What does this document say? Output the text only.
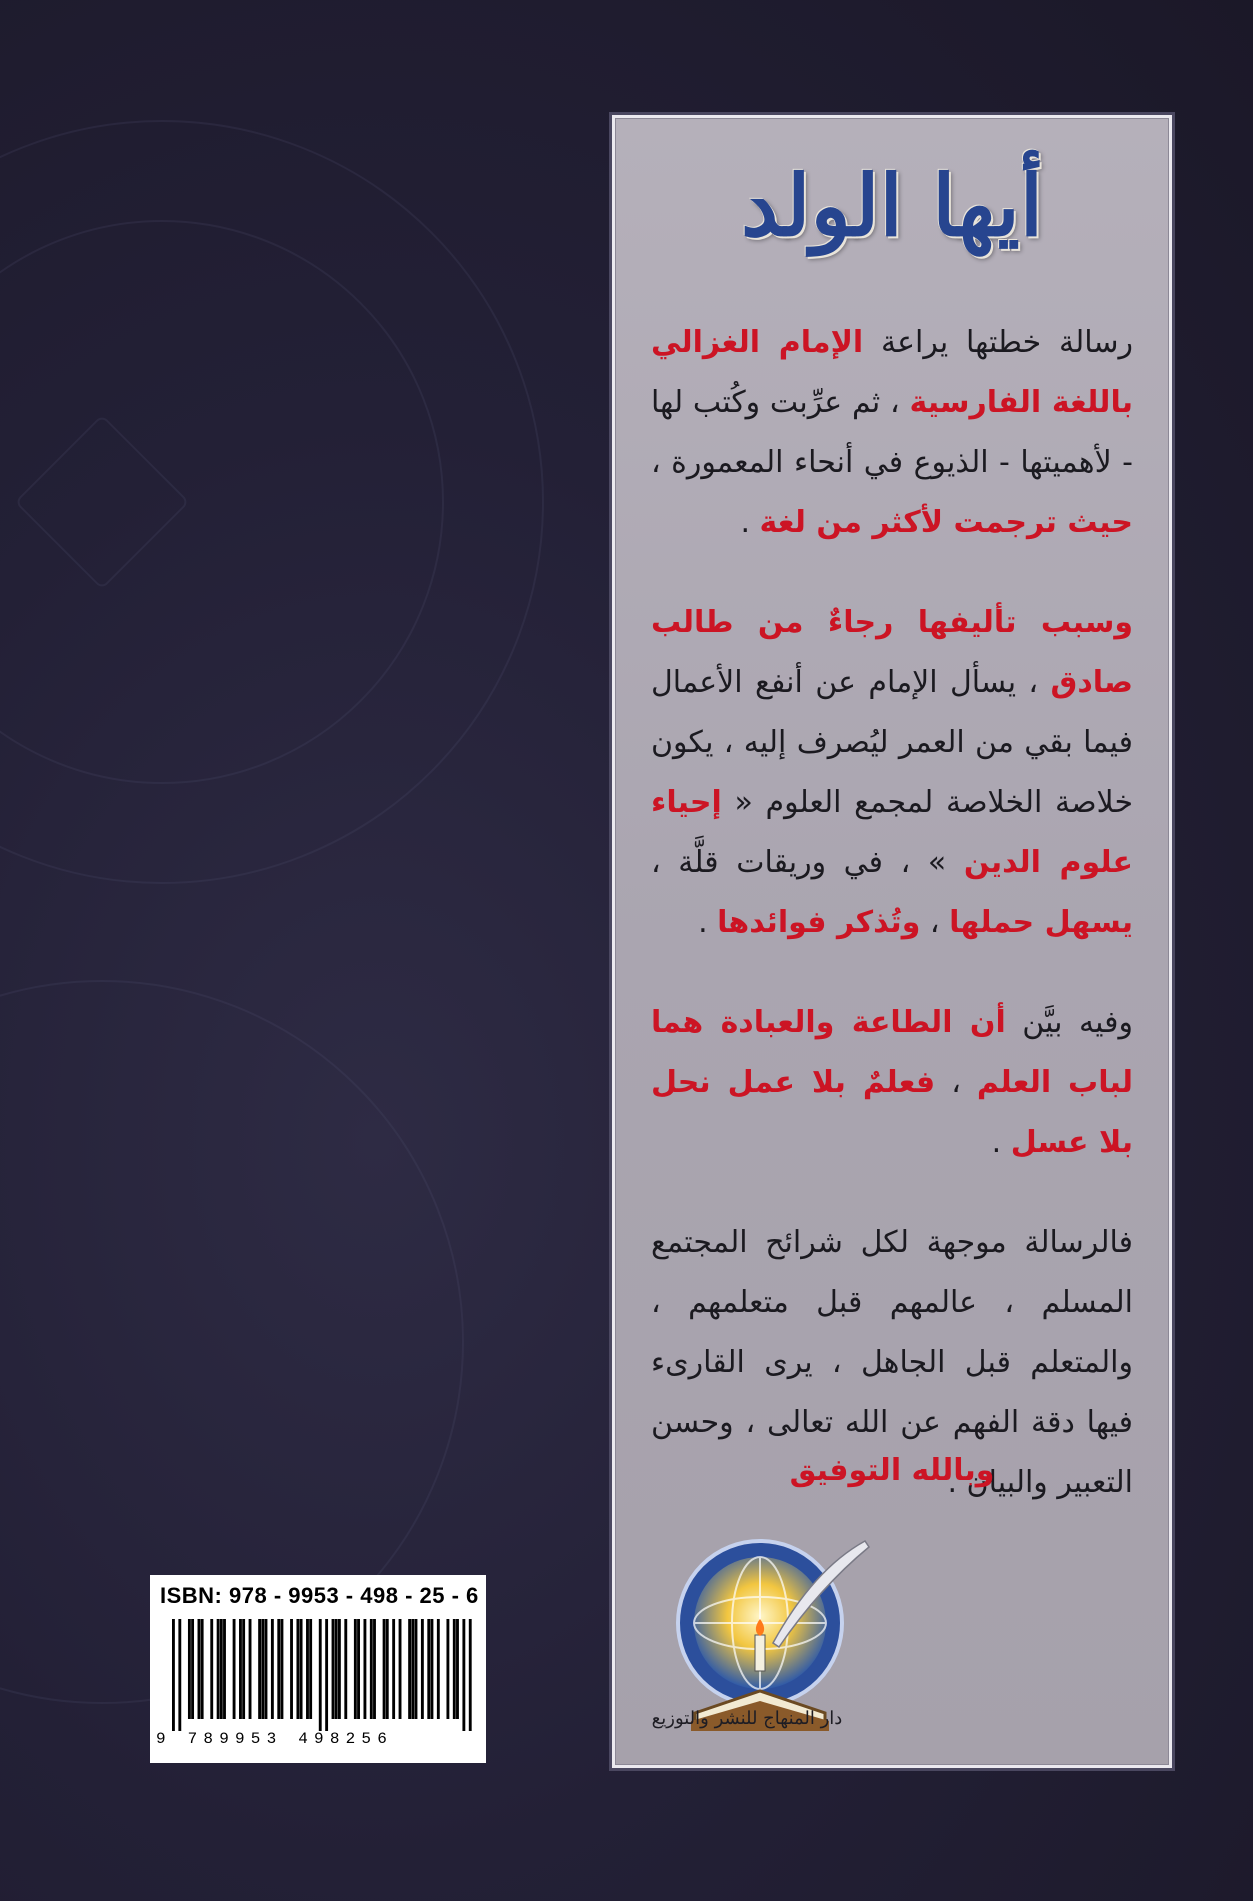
أيها الولد
رسالة خطتها يراعة الإمام الغزالي باللغة الفارسية ، ثم عرِّبت وكُتب لها - لأهميتها - الذيوع في أنحاء المعمورة ، حيث ترجمت لأكثر من لغة .
وسبب تأليفها رجاءٌ من طالب صادق ، يسأل الإمام عن أنفع الأعمال فيما بقي من العمر ليُصرف إليه ، يكون خلاصة الخلاصة لمجمع العلوم « إحياء علوم الدين » ، في وريقات قلَّة ، يسهل حملها ، وتُذكر فوائدها .
وفيه بيَّن أن الطاعة والعبادة هما لباب العلم ، فعلمٌ بلا عمل نحل بلا عسل .
فالرسالة موجهة لكل شرائح المجتمع المسلم ، عالمهم قبل متعلمهم ، والمتعلم قبل الجاهل ، يرى القارىء فيها دقة الفهم عن الله تعالى ، وحسن التعبير والبيان .
وبالله التوفيق
دار المنهاج للنشر والتوزيع
ISBN: 978 - 9953 - 498 - 25 - 6
9 789953 498256
